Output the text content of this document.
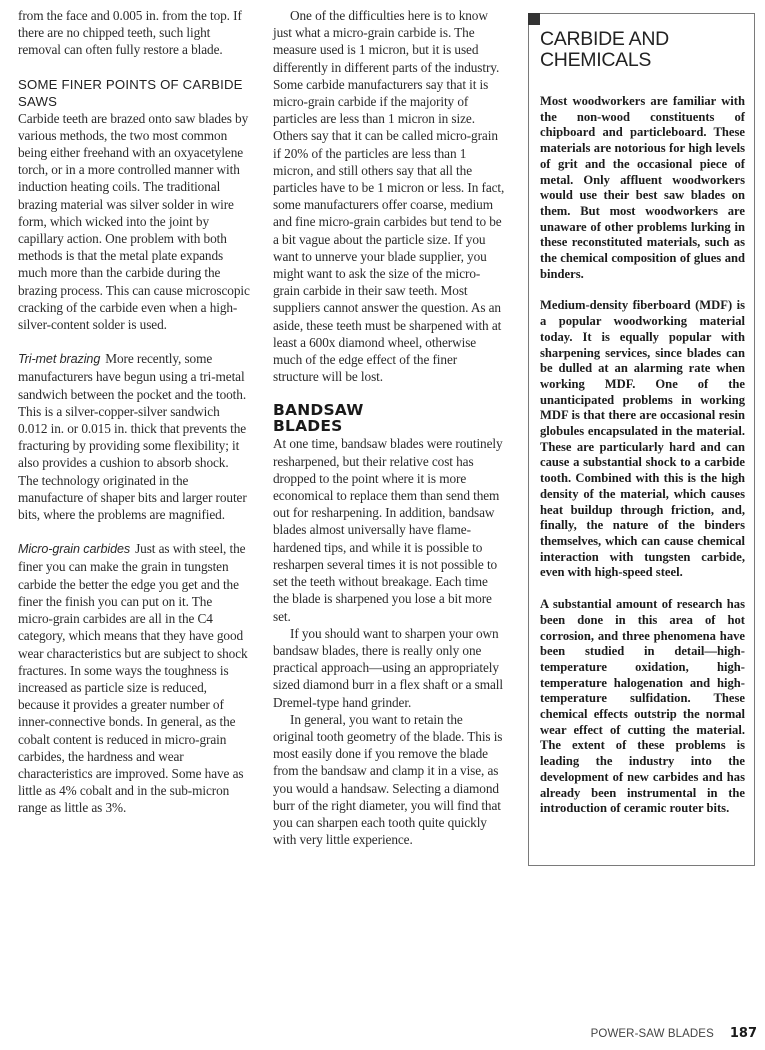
from the face and 0.005 in. from the top. If there are no chipped teeth, such light removal can often fully restore a blade.

SOME FINER POINTS OF CARBIDE SAWS

Carbide teeth are brazed onto saw blades by various methods, the two most common being either freehand with an oxyacetylene torch, or in a more controlled manner with induction heating coils. The traditional brazing material was silver solder in wire form, which wicked into the joint by capillary action. One problem with both methods is that the metal plate expands much more than the carbide during the brazing process. This can cause microscopic cracking of the carbide even when a high-silver-content solder is used.

Tri-met brazing More recently, some manufacturers have begun using a tri-metal sandwich between the pocket and the tooth. This is a silver-copper-silver sandwich 0.012 in. or 0.015 in. thick that prevents the fracturing by providing some flexibility; it also provides a cushion to absorb shock. The technology originated in the manufacture of shaper bits and larger router bits, where the problems are magnified.

Micro-grain carbides Just as with steel, the finer you can make the grain in tungsten carbide the better the edge you get and the finer the finish you can put on it. The micro-grain carbides are all in the C4 category, which means that they have good wear characteristics but are subject to shock fractures. In some ways the toughness is increased as particle size is reduced, because it provides a greater number of inner-connective bonds. In general, as the cobalt content is reduced in micro-grain carbides, the hardness and wear characteristics are improved. Some have as little as 4% cobalt and in the sub-micron range as little as 3%.

One of the difficulties here is to know just what a micro-grain carbide is. The measure used is 1 micron, but it is used differently in different parts of the industry. Some carbide manufacturers say that it is micro-grain carbide if the majority of particles are less than 1 micron in size. Others say that it can be called micro-grain if 20% of the particles are less than 1 micron, and still others say that all the particles have to be 1 micron or less. In fact, some manufacturers offer coarse, medium and fine micro-grain carbides but tend to be a bit vague about the particle size. If you want to unnerve your blade supplier, you might want to ask the size of the micro-grain carbide in their saw teeth. Most suppliers cannot answer the question. As an aside, these teeth must be sharpened with at least a 600x diamond wheel, otherwise much of the edge effect of the finer structure will be lost.

BANDSAW
BLADES

At one time, bandsaw blades were routinely resharpened, but their relative cost has dropped to the point where it is more economical to replace them than send them out for resharpening. In addition, bandsaw blades almost universally have flame-hardened tips, and while it is possible to resharpen several times it is not possible to set the teeth without breakage. Each time the blade is sharpened you lose a bit more set.

If you should want to sharpen your own bandsaw blades, there is really only one practical approach—using an appropriately sized diamond burr in a flex shaft or a small Dremel-type hand grinder.

In general, you want to retain the original tooth geometry of the blade. This is most easily done if you remove the blade from the bandsaw and clamp it in a vise, as you would a handsaw. Selecting a diamond burr of the right diameter, you will find that you can sharpen each tooth quite quickly with very little experience.

CARBIDE AND
CHEMICALS

Most woodworkers are familiar with the non-wood constituents of chipboard and particleboard. These materials are notorious for high levels of grit and the occasional piece of metal. Only affluent woodworkers would use their best saw blades on them. But most woodworkers are unaware of other problems lurking in these reconstituted materials, such as the chemical composition of glues and binders.

Medium-density fiberboard (MDF) is a popular woodworking material today. It is equally popular with sharpening services, since blades can be dulled at an alarming rate when working MDF. One of the unanticipated problems in working MDF is that there are occasional resin globules encapsulated in the material. These are particularly hard and can cause a substantial shock to a carbide tooth. Combined with this is the high density of the material, which causes heat buildup through friction, and, finally, the nature of the binders themselves, which can cause chemical interaction with tungsten carbide, even with high-speed steel.

A substantial amount of research has been done in this area of hot corrosion, and three phenomena have been studied in detail—high-temperature oxidation, high-temperature halogenation and high-temperature sulfidation. These chemical effects outstrip the normal wear effect of cutting the material. The extent of these problems is leading the industry into the development of new carbides and has already been instrumental in the introduction of ceramic router bits.

POWER-SAW BLADES 187
